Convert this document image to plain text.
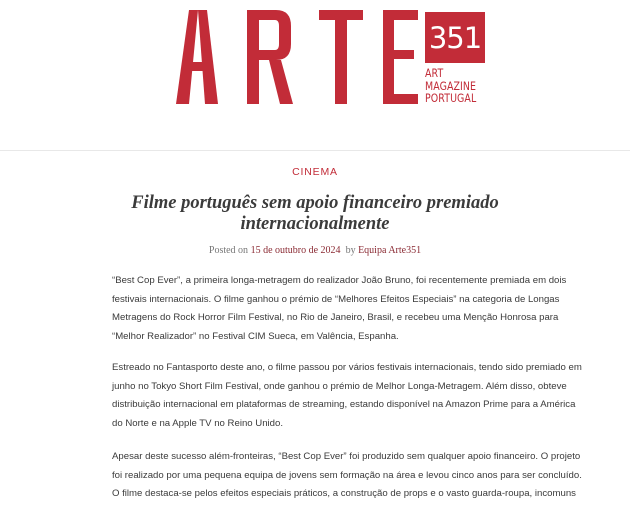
351
ART
MAGAZINE
PORTUGAL
CINEMA
Filme português sem apoio financeiro premiado internacionalmente
Posted on 15 de outubro de 2024  by Equipa Arte351
“Best Cop Ever”, a primeira longa-metragem do realizador João Bruno, foi recentemente premiada em dois
festivais internacionais. O filme ganhou o prémio de “Melhores Efeitos Especiais” na categoria de Longas
Metragens do Rock Horror Film Festival, no Rio de Janeiro, Brasil, e recebeu uma Menção Honrosa para
“Melhor Realizador” no Festival CIM Sueca, em Valência, Espanha.
Estreado no Fantasporto deste ano, o filme passou por vários festivais internacionais, tendo sido premiado em
junho no Tokyo Short Film Festival, onde ganhou o prémio de Melhor Longa-Metragem. Além disso, obteve
distribuição internacional em plataformas de streaming, estando disponível na Amazon Prime para a América
do Norte e na Apple TV no Reino Unido.
Apesar deste sucesso além-fronteiras, “Best Cop Ever” foi produzido sem qualquer apoio financeiro. O projeto
foi realizado por uma pequena equipa de jovens sem formação na área e levou cinco anos para ser concluído.
O filme destaca-se pelos efeitos especiais práticos, a construção de props e o vasto guarda-roupa, incomuns
